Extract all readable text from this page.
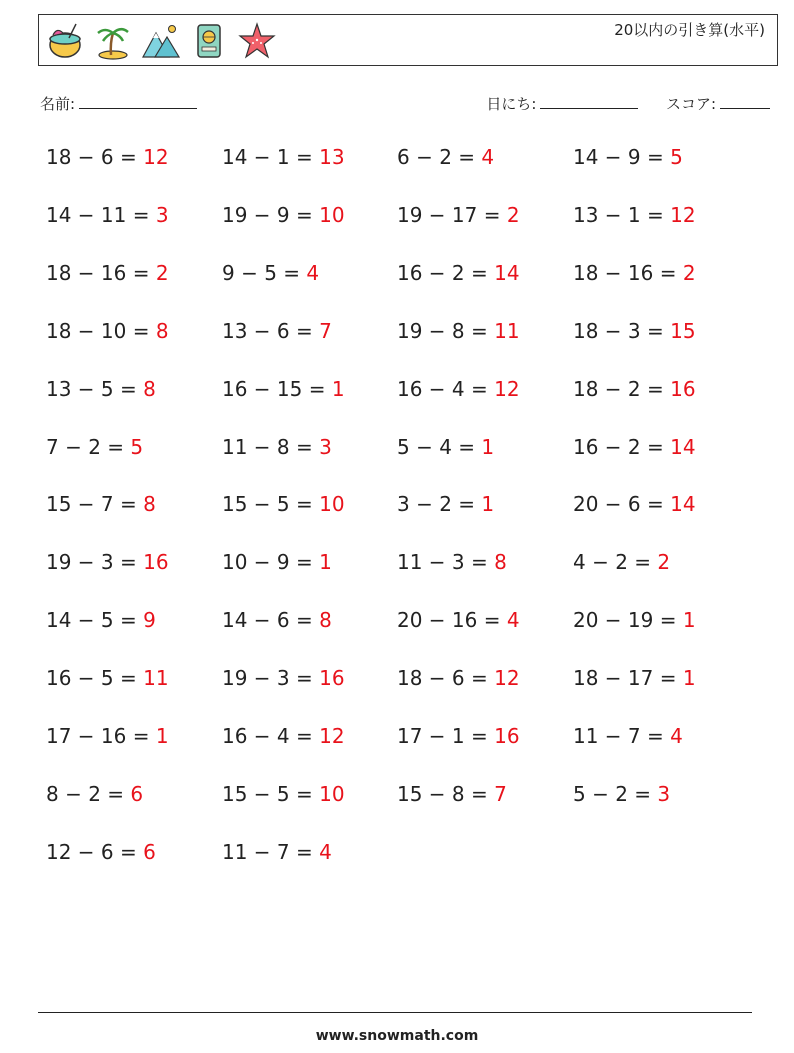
20以内の引き算(水平)
名前:	日にち:	スコア:
18 − 6 = 12
14 − 11 = 3
18 − 16 = 2
18 − 10 = 8
13 − 5 = 8
7 − 2 = 5
15 − 7 = 8
19 − 3 = 16
14 − 5 = 9
16 − 5 = 11
17 − 16 = 1
8 − 2 = 6
12 − 6 = 6
14 − 1 = 13
19 − 9 = 10
9 − 5 = 4
13 − 6 = 7
16 − 15 = 1
11 − 8 = 3
15 − 5 = 10
10 − 9 = 1
14 − 6 = 8
19 − 3 = 16
16 − 4 = 12
15 − 5 = 10
11 − 7 = 4
6 − 2 = 4
19 − 17 = 2
16 − 2 = 14
19 − 8 = 11
16 − 4 = 12
5 − 4 = 1
3 − 2 = 1
11 − 3 = 8
20 − 16 = 4
18 − 6 = 12
17 − 1 = 16
15 − 8 = 7
14 − 9 = 5
13 − 1 = 12
18 − 16 = 2
18 − 3 = 15
18 − 2 = 16
16 − 2 = 14
20 − 6 = 14
4 − 2 = 2
20 − 19 = 1
18 − 17 = 1
11 − 7 = 4
5 − 2 = 3
www.snowmath.com
